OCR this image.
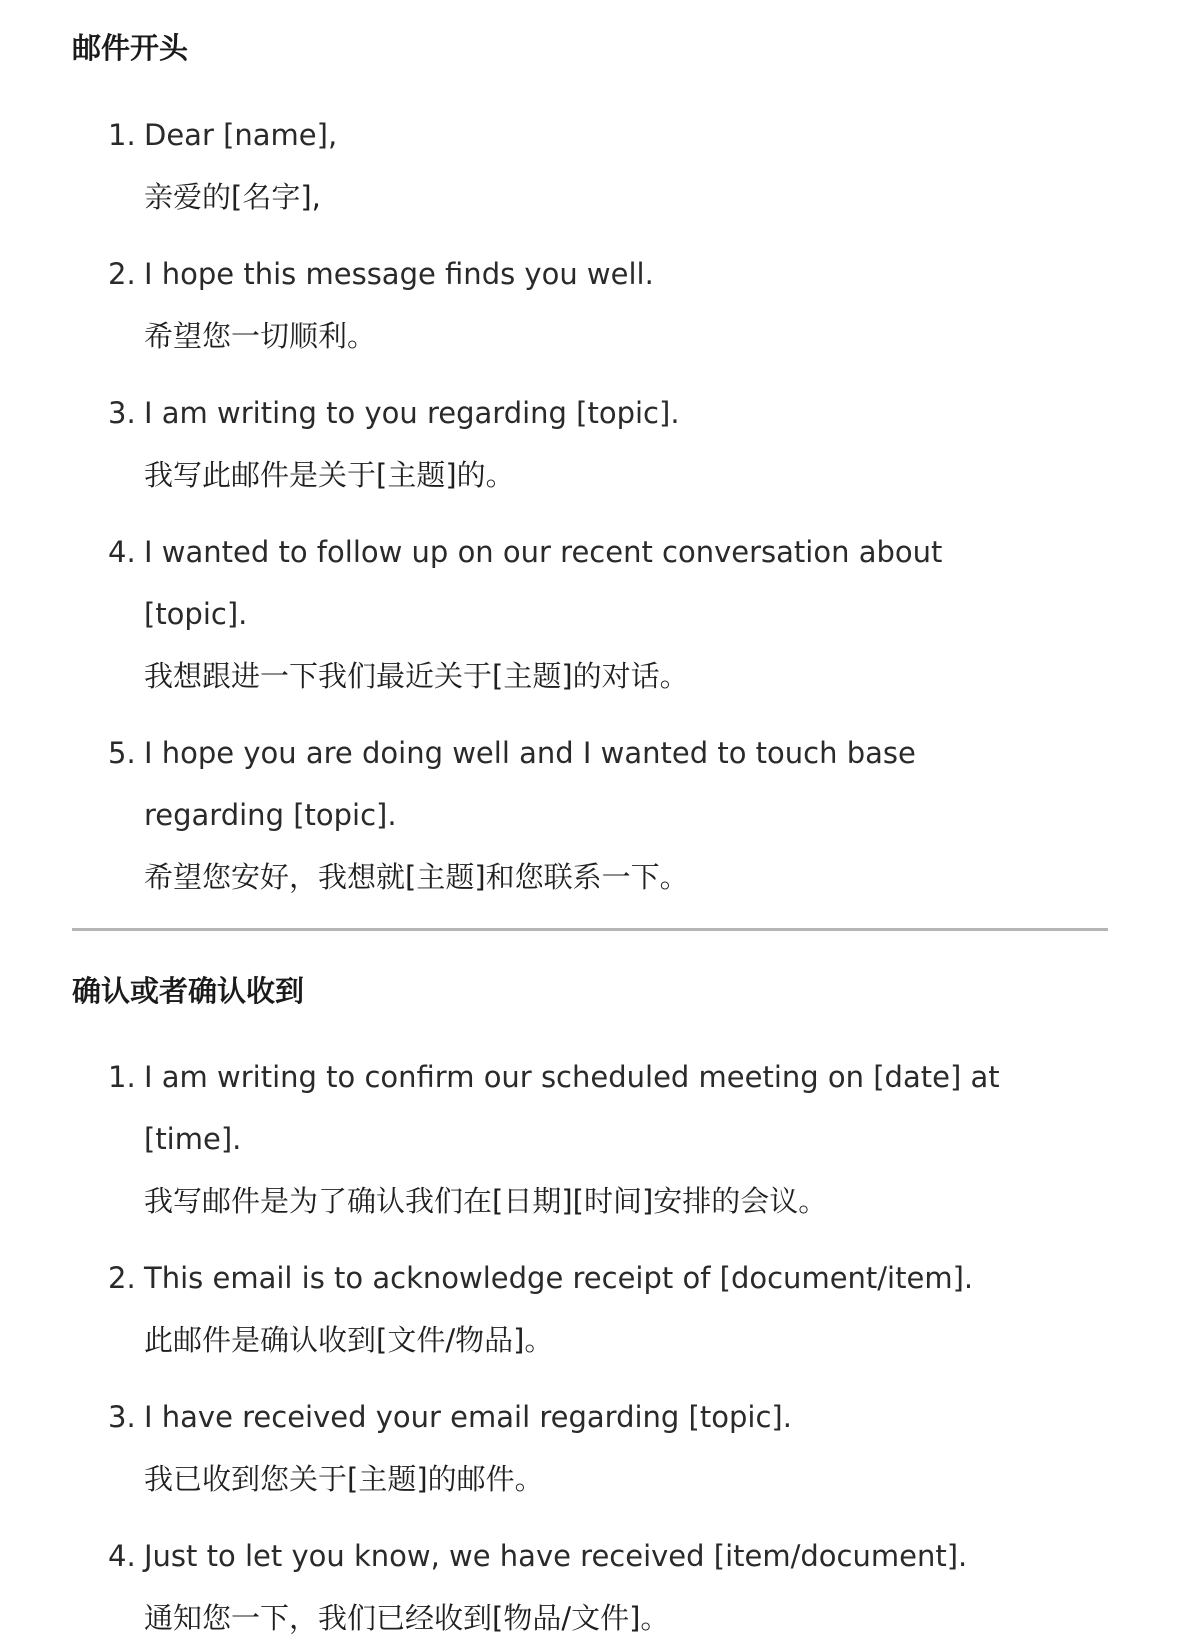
邮件开头
1. Dear [name],

亲爱的[名字],

2. I hope this message finds you well.

希望您一切顺利。

3. I am writing to you regarding [topic].

我写此邮件是关于[主题]的。

4. I wanted to follow up on our recent conversation about [topic].

我想跟进一下我们最近关于[主题]的对话。

5. I hope you are doing well and I wanted to touch base regarding [topic].

希望您安好，我想就[主题]和您联系一下。

确认或者确认收到
1. I am writing to confirm our scheduled meeting on [date] at [time].

我写邮件是为了确认我们在[日期][时间]安排的会议。

2. This email is to acknowledge receipt of [document/item].

此邮件是确认收到[文件/物品]。

3. I have received your email regarding [topic].

我已收到您关于[主题]的邮件。

4. Just to let you know, we have received [item/document].

通知您一下，我们已经收到[物品/文件]。
